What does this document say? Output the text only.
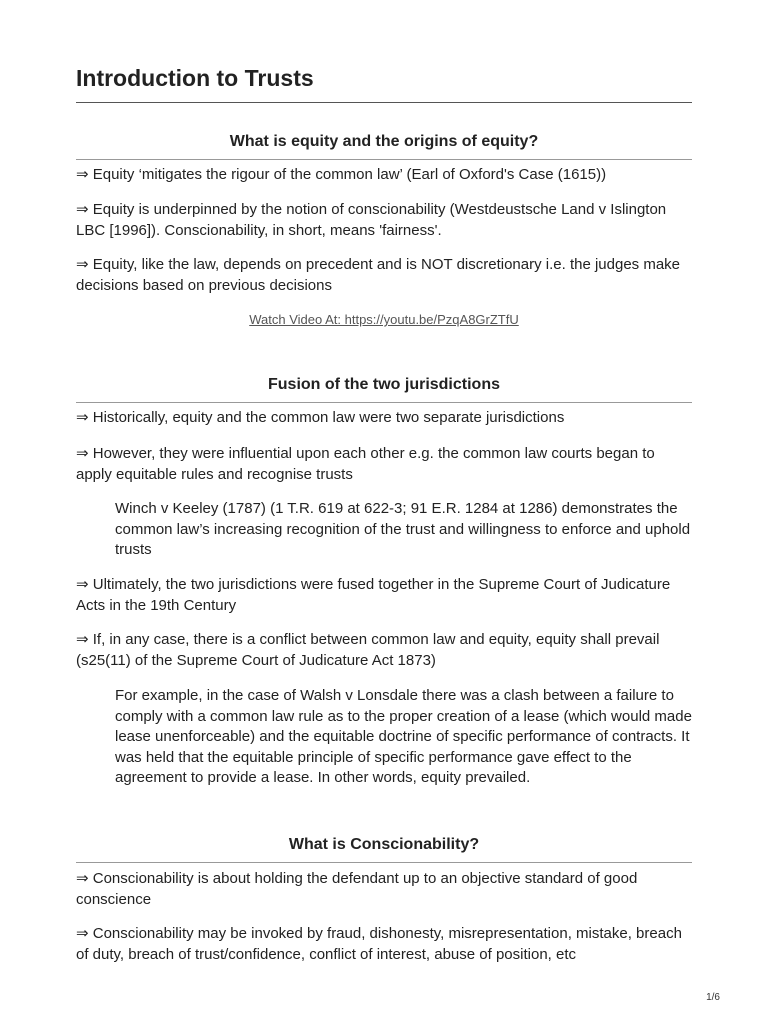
Introduction to Trusts
What is equity and the origins of equity?

⇒ Equity ‘mitigates the rigour of the common law’ (Earl of Oxford's Case (1615))

⇒ Equity is underpinned by the notion of conscionability (Westdeustsche Land v Islington LBC [1996]). Conscionability, in short, means 'fairness'.

⇒ Equity, like the law, depends on precedent and is NOT discretionary i.e. the judges make decisions based on previous decisions

Watch Video At: https://youtu.be/PzqA8GrZTfU
Fusion of the two jurisdictions

⇒ Historically, equity and the common law were two separate jurisdictions

⇒ However, they were influential upon each other e.g. the common law courts began to apply equitable rules and recognise trusts

Winch v Keeley (1787) (1 T.R. 619 at 622-3; 91 E.R. 1284 at 1286) demonstrates the common law’s increasing recognition of the trust and willingness to enforce and uphold trusts

⇒ Ultimately, the two jurisdictions were fused together in the Supreme Court of Judicature Acts in the 19th Century

⇒ If, in any case, there is a conflict between common law and equity, equity shall prevail (s25(11) of the Supreme Court of Judicature Act 1873)

For example, in the case of Walsh v Lonsdale there was a clash between a failure to comply with a common law rule as to the proper creation of a lease (which would made lease unenforceable) and the equitable doctrine of specific performance of contracts. It was held that the equitable principle of specific performance gave effect to the agreement to provide a lease. In other words, equity prevailed.

What is Conscionability?

⇒ Conscionability is about holding the defendant up to an objective standard of good conscience

⇒ Conscionability may be invoked by fraud, dishonesty, misrepresentation, mistake, breach of duty, breach of trust/confidence, conflict of interest, abuse of position, etc

1/6
